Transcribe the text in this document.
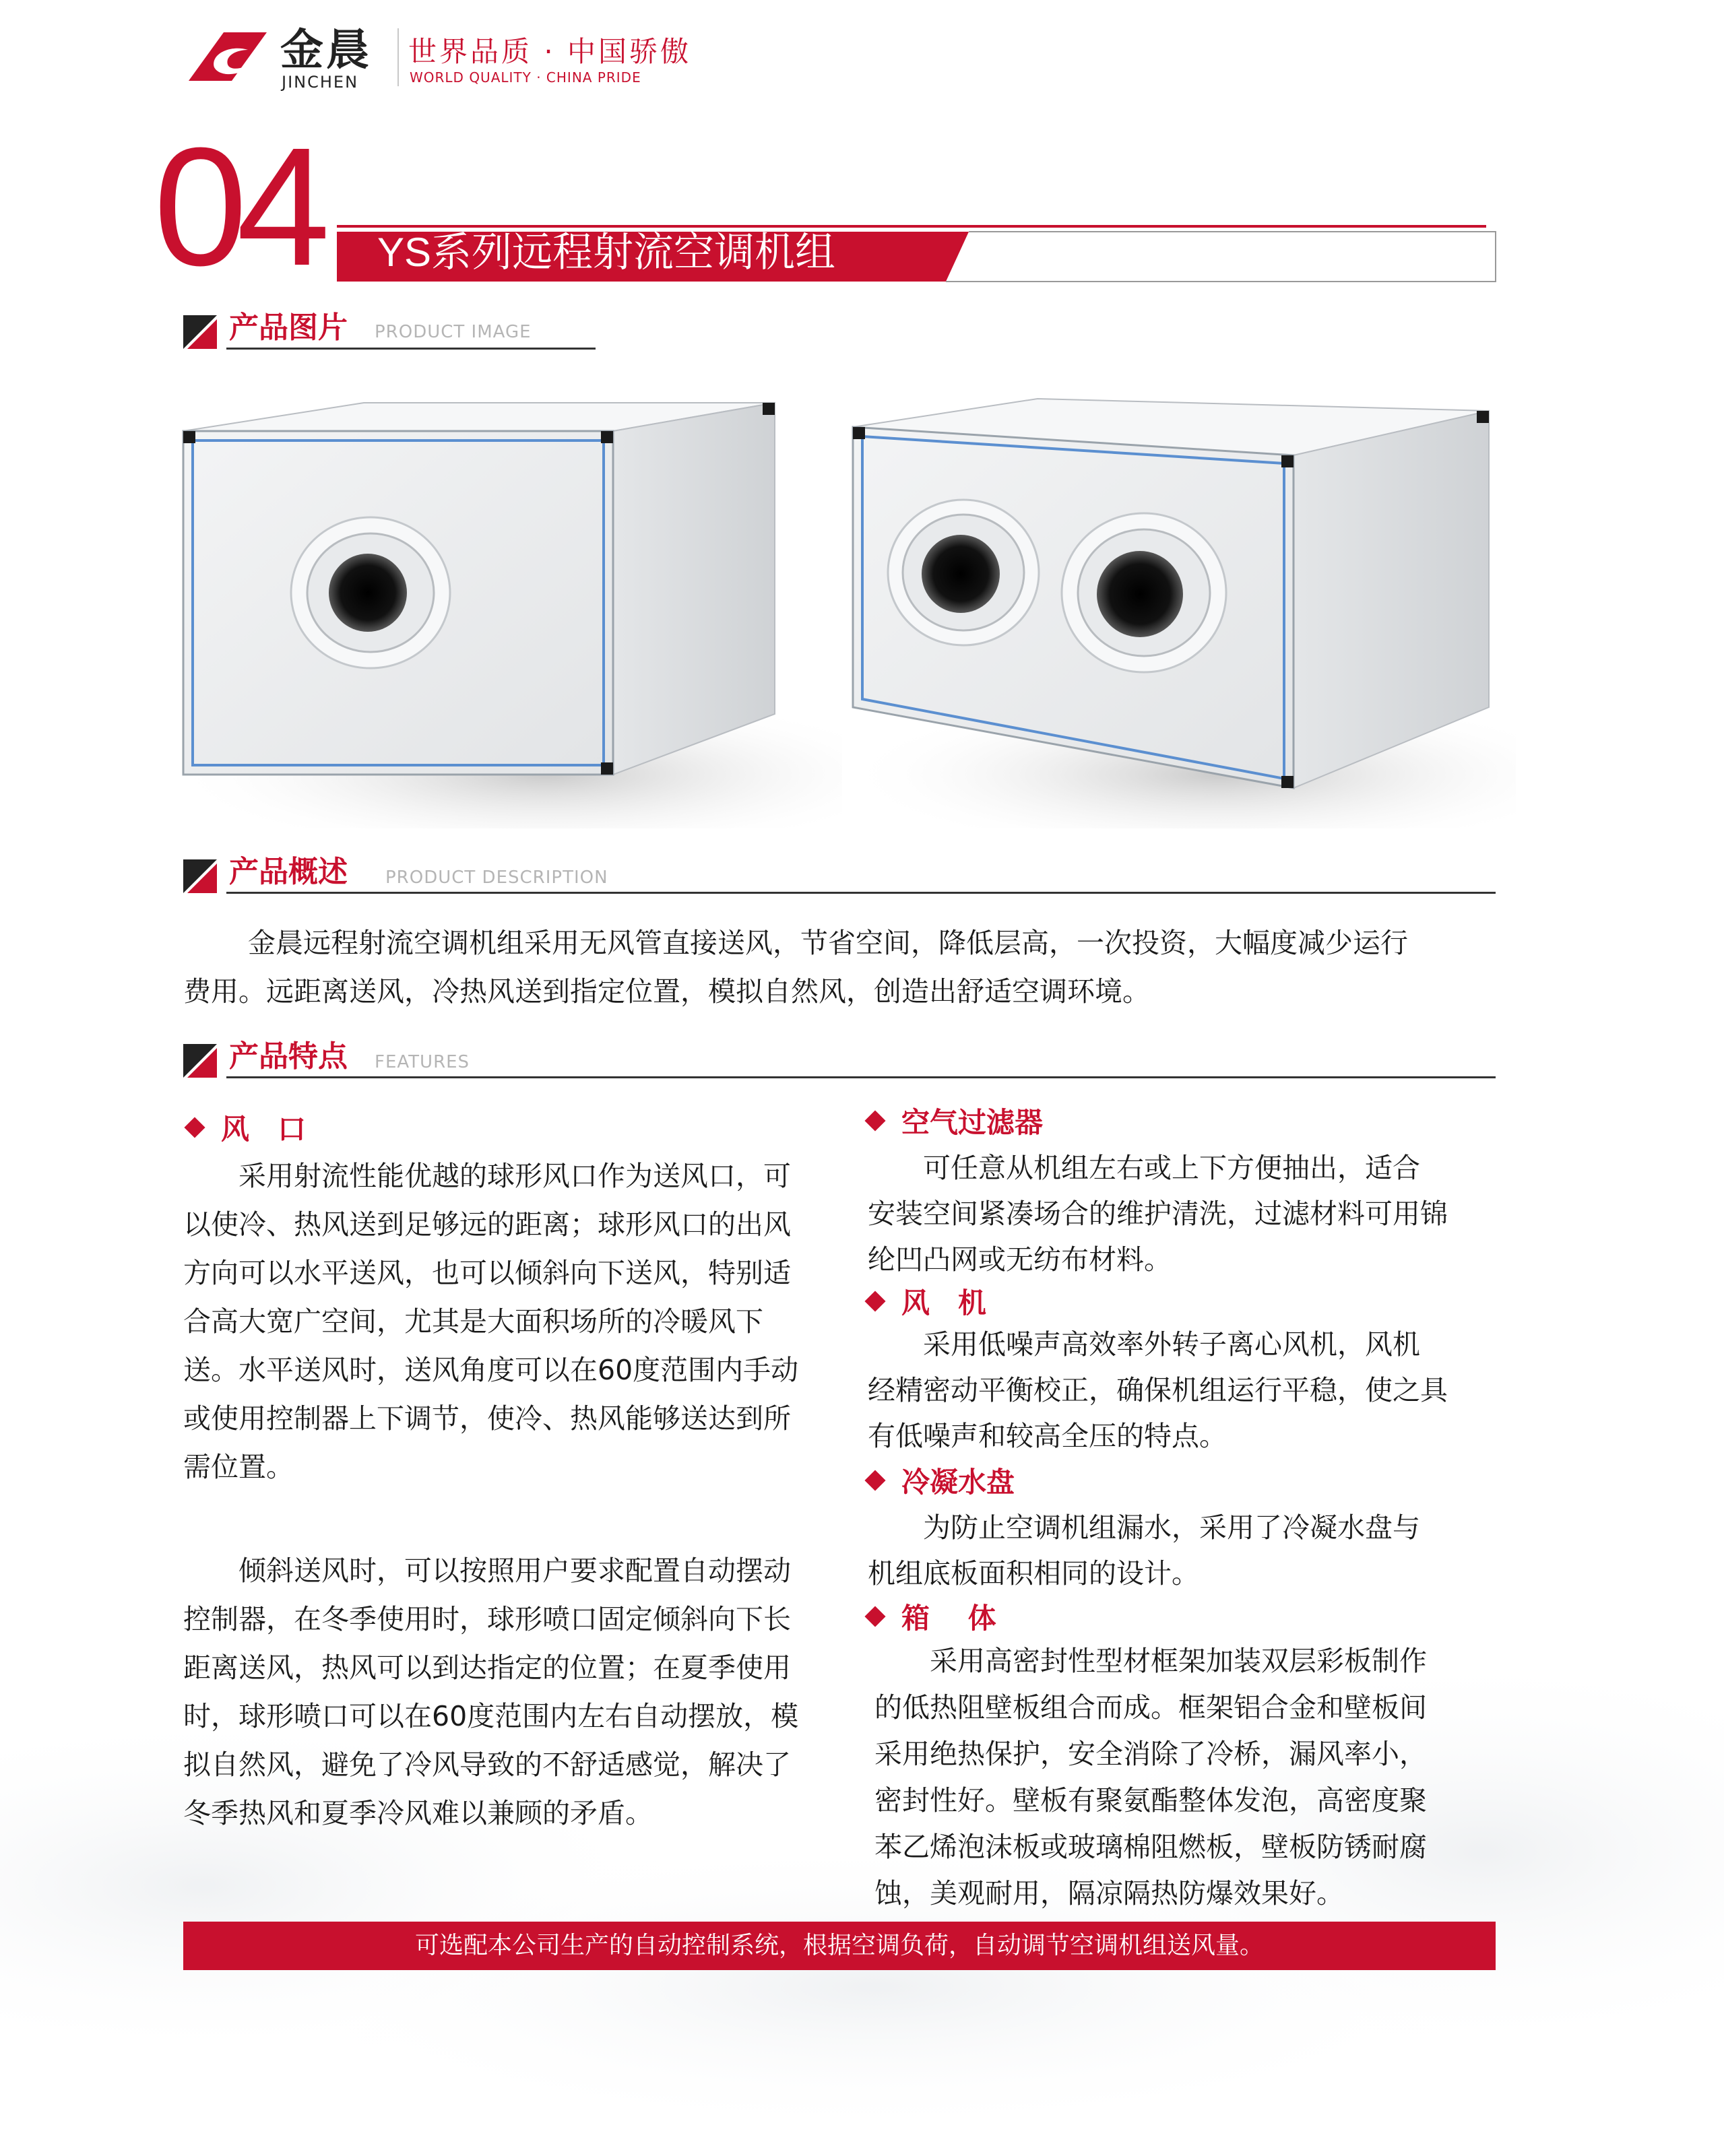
金晨
JINCHEN
世界品质 · 中国骄傲
WORLD QUALITY · CHINA PRIDE
04 YS系列远程射流空调机组
产品图片 PRODUCT IMAGE
产品概述 PRODUCT DESCRIPTION
金晨远程射流空调机组采用无风管直接送风，节省空间，降低层高，一次投资，大幅度减少运行
费用。远距离送风，冷热风送到指定位置，模拟自然风，创造出舒适空调环境。
产品特点 FEATURES
风　口
　　采用射流性能优越的球形风口作为送风口，可
以使冷、热风送到足够远的距离；球形风口的出风
方向可以水平送风，也可以倾斜向下送风，特别适
合高大宽广空间，尤其是大面积场所的冷暖风下
送。水平送风时，送风角度可以在60度范围内手动
或使用控制器上下调节，使冷、热风能够送达到所
需位置。
　　倾斜送风时，可以按照用户要求配置自动摆动
控制器，在冬季使用时，球形喷口固定倾斜向下长
距离送风，热风可以到达指定的位置；在夏季使用
时，球形喷口可以在60度范围内左右自动摆放，模
拟自然风，避免了冷风导致的不舒适感觉，解决了
冬季热风和夏季冷风难以兼顾的矛盾。
空气过滤器
　　可任意从机组左右或上下方便抽出，适合
安装空间紧凑场合的维护清洗，过滤材料可用锦
纶凹凸网或无纺布材料。
风　机
　　采用低噪声高效率外转子离心风机，风机
经精密动平衡校正，确保机组运行平稳，使之具
有低噪声和较高全压的特点。
冷凝水盘
　　为防止空调机组漏水，采用了冷凝水盘与
机组底板面积相同的设计。
箱　 体
　　采用高密封性型材框架加装双层彩板制作
的低热阻壁板组合而成。框架铝合金和壁板间
采用绝热保护，安全消除了冷桥，漏风率小，
密封性好。壁板有聚氨酯整体发泡，高密度聚
苯乙烯泡沫板或玻璃棉阻燃板，壁板防锈耐腐
蚀，美观耐用，隔凉隔热防爆效果好。
可选配本公司生产的自动控制系统，根据空调负荷，自动调节空调机组送风量。
